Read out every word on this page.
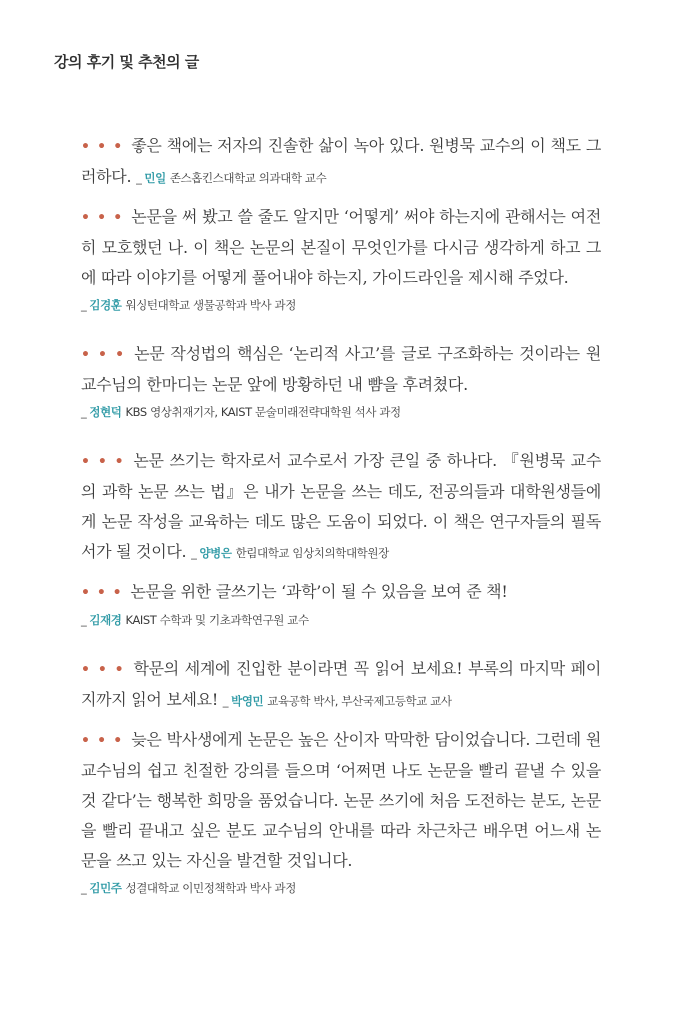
강의 후기 및 추천의 글

• • • 좋은 책에는 저자의 진솔한 삶이 녹아 있다. 원병묵 교수의 이 책도 그러하다. _ 민일 존스홉킨스대학교 의과대학 교수

• • • 논문을 써 봤고 쓸 줄도 알지만 ‘어떻게’ 써야 하는지에 관해서는 여전히 모호했던 나. 이 책은 논문의 본질이 무엇인가를 다시금 생각하게 하고 그에 따라 이야기를 어떻게 풀어내야 하는지, 가이드라인을 제시해 주었다.

_ 김경훈 워싱턴대학교 생물공학과 박사 과정

• • • 논문 작성법의 핵심은 ‘논리적 사고’를 글로 구조화하는 것이라는 원 교수님의 한마디는 논문 앞에 방황하던 내 뺨을 후려쳤다.

_ 정현덕 KBS 영상취재기자, KAIST 문술미래전략대학원 석사 과정

• • • 논문 쓰기는 학자로서 교수로서 가장 큰일 중 하나다. 『원병묵 교수의 과학 논문 쓰는 법』은 내가 논문을 쓰는 데도, 전공의들과 대학원생들에게 논문 작성을 교육하는 데도 많은 도움이 되었다. 이 책은 연구자들의 필독서가 될 것이다. _ 양병은 한림대학교 임상치의학대학원장

• • • 논문을 위한 글쓰기는 ‘과학’이 될 수 있음을 보여 준 책!

_ 김재경 KAIST 수학과 및 기초과학연구원 교수

• • • 학문의 세계에 진입한 분이라면 꼭 읽어 보세요! 부록의 마지막 페이지까지 읽어 보세요! _ 박영민 교육공학 박사, 부산국제고등학교 교사

• • • 늦은 박사생에게 논문은 높은 산이자 막막한 담이었습니다. 그런데 원 교수님의 쉽고 친절한 강의를 들으며 ‘어쩌면 나도 논문을 빨리 끝낼 수 있을 것 같다’는 행복한 희망을 품었습니다. 논문 쓰기에 처음 도전하는 분도, 논문을 빨리 끝내고 싶은 분도 교수님의 안내를 따라 차근차근 배우면 어느새 논문을 쓰고 있는 자신을 발견할 것입니다.

_ 김민주 성결대학교 이민정책학과 박사 과정
